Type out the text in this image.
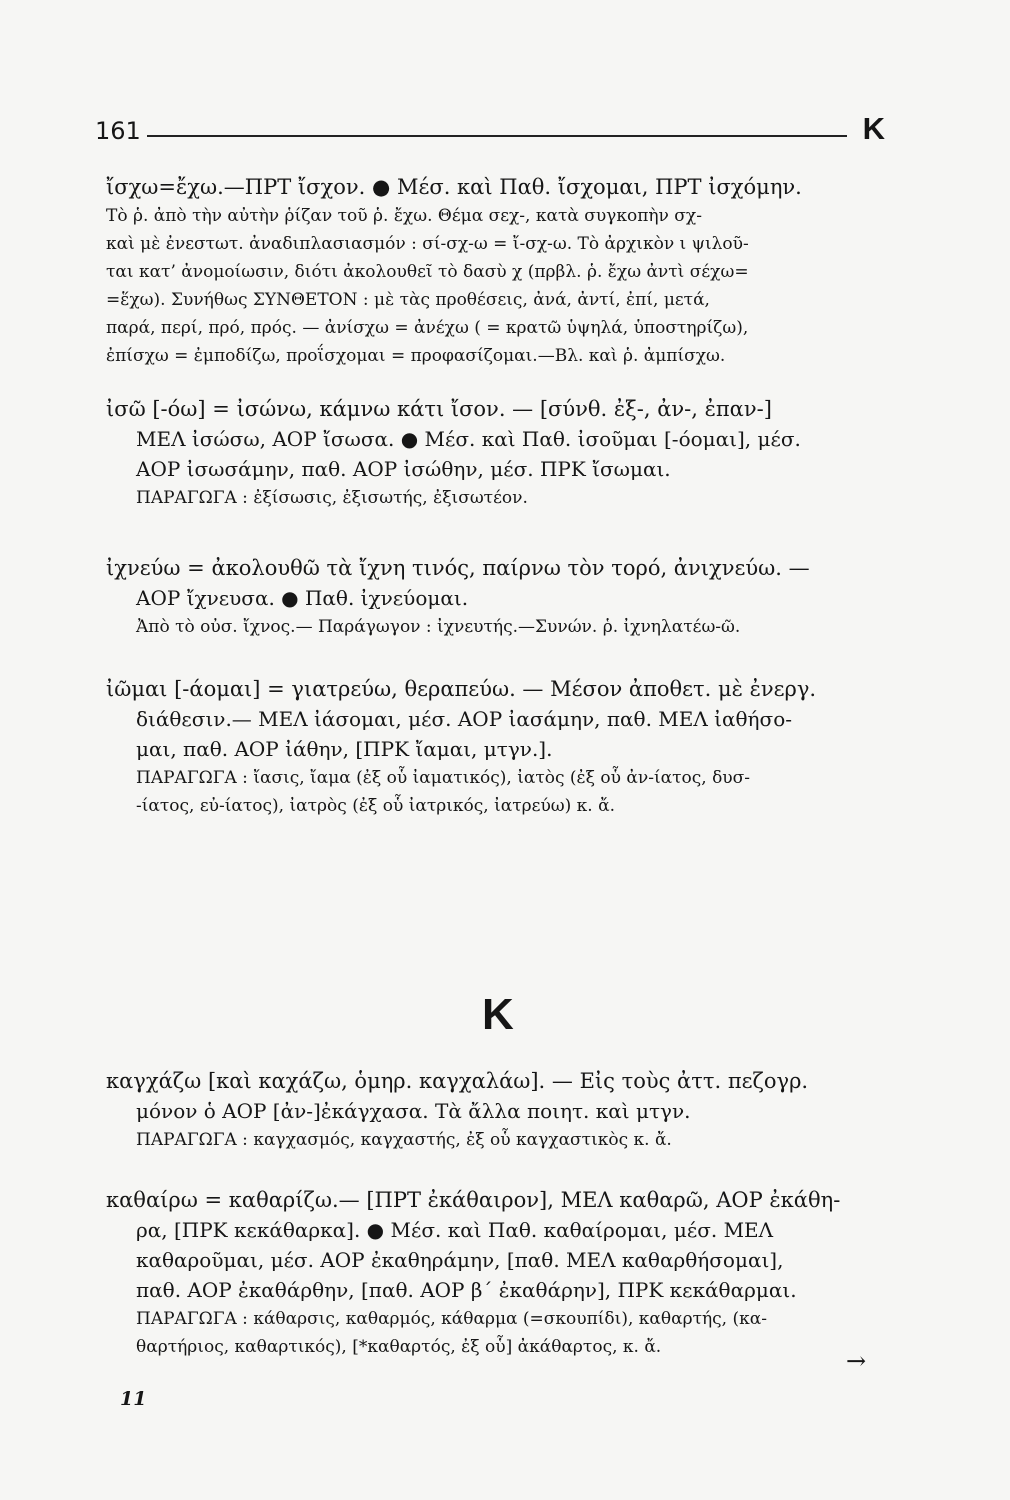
161	Κ
ἴσχω=ἔχω.—ΠΡΤ ἴσχον. ● Μέσ. καὶ Παθ. ἴσχομαι, ΠΡΤ ἰσχόμην.
Τὸ ῥ. ἀπὸ τὴν αὐτὴν ῥίζαν τοῦ ῥ. ἔχω. Θέμα σεχ-, κατὰ συγκοπὴν σχ-
καὶ μὲ ἐνεστωτ. ἀναδιπλασιασμόν : σί-σχ-ω = ἴ-σχ-ω. Τὸ ἀρχικὸν ι ψιλοῦ-
ται κατ’ ἀνομοίωσιν, διότι ἀκολουθεῖ τὸ δασὺ χ (πρβλ. ῥ. ἔχω ἀντὶ σέχω=
=ἕχω). Συνήθως ΣΥΝΘΕΤΟΝ : μὲ τὰς προθέσεις, ἀνά, ἀντί, ἐπί, μετά,
παρά, περί, πρό, πρός. — ἀνίσχω = ἀνέχω ( = κρατῶ ὑψηλά, ὑποστηρίζω),
ἐπίσχω = ἐμποδίζω, προΐσχομαι = προφασίζομαι.—Βλ. καὶ ῥ. ἀμπίσχω.
ἰσῶ [-όω] = ἰσώνω, κάμνω κάτι ἴσον. — [σύνθ. ἐξ-, ἀν-, ἐπαν-]
ΜΕΛ ἰσώσω, ΑΟΡ ἴσωσα. ● Μέσ. καὶ Παθ. ἰσοῦμαι [-όομαι], μέσ.
ΑΟΡ ἰσωσάμην, παθ. ΑΟΡ ἰσώθην, μέσ. ΠΡΚ ἴσωμαι.
ΠΑΡΑΓΩΓΑ : ἐξίσωσις, ἐξισωτής, ἐξισωτέον.
ἰχνεύω = ἀκολουθῶ τὰ ἴχνη τινός, παίρνω τὸν τορό, ἀνιχνεύω. —
ΑΟΡ ἴχνευσα. ● Παθ. ἰχνεύομαι.
Ἀπὸ τὸ οὐσ. ἴχνος.— Παράγωγον : ἰχνευτής.—Συνών. ῥ. ἰχνηλατέω-ῶ.
ἰῶμαι [-άομαι] = γιατρεύω, θεραπεύω. — Μέσον ἀποθετ. μὲ ἐνεργ.
διάθεσιν.— ΜΕΛ ἰάσομαι, μέσ. ΑΟΡ ἰασάμην, παθ. ΜΕΛ ἰαθήσο-
μαι, παθ. ΑΟΡ ἰάθην, [ΠΡΚ ἴαμαι, μτγν.].
ΠΑΡΑΓΩΓΑ : ἴασις, ἴαμα (ἐξ οὗ ἰαματικός), ἰατὸς (ἐξ οὗ ἀν-ίατος, δυσ-
-ίατος, εὐ-ίατος), ἰατρὸς (ἐξ οὗ ἰατρικός, ἰατρεύω) κ. ἄ.
Κ
καγχάζω [καὶ καχάζω, ὁμηρ. καγχαλάω]. — Εἰς τοὺς ἀττ. πεζογρ.
μόνον ὁ ΑΟΡ [ἀν-]ἐκάγχασα. Τὰ ἄλλα ποιητ. καὶ μτγν.
ΠΑΡΑΓΩΓΑ : καγχασμός, καγχαστής, ἐξ οὗ καγχαστικὸς κ. ἄ.
καθαίρω = καθαρίζω.— [ΠΡΤ ἐκάθαιρον], ΜΕΛ καθαρῶ, ΑΟΡ ἐκάθη-
ρα, [ΠΡΚ κεκάθαρκα]. ● Μέσ. καὶ Παθ. καθαίρομαι, μέσ. ΜΕΛ
καθαροῦμαι, μέσ. ΑΟΡ ἐκαθηράμην, [παθ. ΜΕΛ καθαρθήσομαι],
παθ. ΑΟΡ ἐκαθάρθην, [παθ. ΑΟΡ β΄ ἐκαθάρην], ΠΡΚ κεκάθαρμαι.
ΠΑΡΑΓΩΓΑ : κάθαρσις, καθαρμός, κάθαρμα (=σκουπίδι), καθαρτής, (κα-
θαρτήριος, καθαρτικός), [*καθαρτός, ἐξ οὗ] ἀκάθαρτος, κ. ἄ.	→
11
